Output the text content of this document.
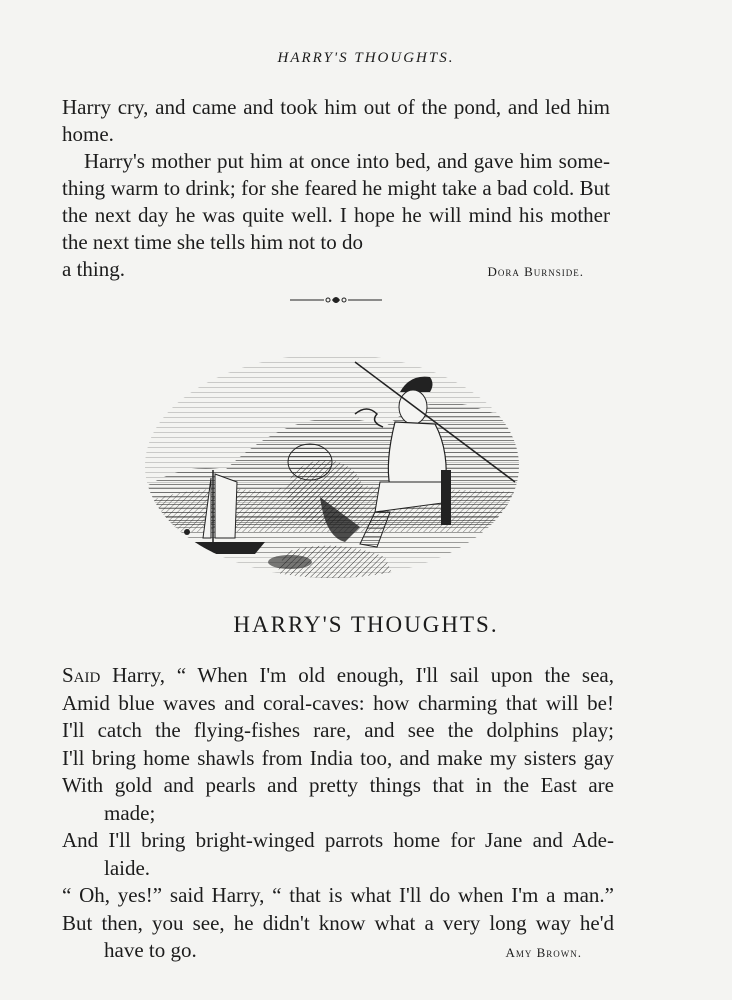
HARRY'S THOUGHTS.

Harry cry, and came and took him out of the pond, and led him home.

Harry's mother put him at once into bed, and gave him some-thing warm to drink; for she feared he might take a bad cold. But the next day he was quite well. I hope he will mind his mother the next time she tells him not to do

a thing.	Dora Burnside.
HARRY'S THOUGHTS.
Said Harry, “ When I'm old enough, I'll sail upon the sea,
Amid blue waves and coral-caves: how charming that will be!
I'll catch the flying-fishes rare, and see the dolphins play;
I'll bring home shawls from India too, and make my sisters gay
With gold and pearls and pretty things that in the East are
made;
And I'll bring bright-winged parrots home for Jane and Ade-
laide.
“ Oh, yes!” said Harry, “ that is what I'll do when I'm a man.”
But then, you see, he didn't know what a very long way he'd
have to go.	Amy Brown.
